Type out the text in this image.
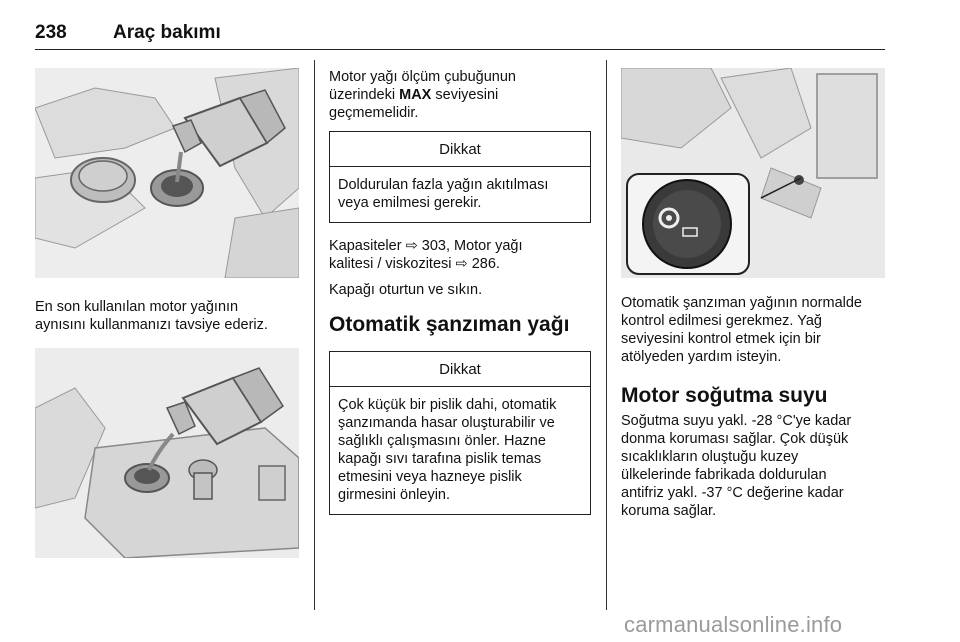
238 Araç bakımı
En son kullanılan motor yağının
aynısını kullanmanızı tavsiye ederiz.
Motor yağı ölçüm çubuğunun
üzerindeki MAX seviyesini
geçmemelidir.
Dikkat
Doldurulan fazla yağın akıtılması
veya emilmesi gerekir.
Kapasiteler ⇨ 303, Motor yağı
kalitesi / viskozitesi ⇨ 286.
Kapağı oturtun ve sıkın.
Otomatik şanzıman yağı
Dikkat
Çok küçük bir pislik dahi, otomatik
şanzımanda hasar oluşturabilir ve
sağlıklı çalışmasını önler. Hazne
kapağı sıvı tarafına pislik temas
etmesini veya hazneye pislik
girmesini önleyin.
Otomatik şanzıman yağının normalde
kontrol edilmesi gerekmez. Yağ
seviyesini kontrol etmek için bir
atölyeden yardım isteyin.
Motor soğutma suyu
Soğutma suyu yakl. -28 °C'ye kadar
donma koruması sağlar. Çok düşük
sıcaklıkların oluştuğu kuzey
ülkelerinde fabrikada doldurulan
antifriz yakl. -37 °C değerine kadar
koruma sağlar.
carmanualsonline.info
